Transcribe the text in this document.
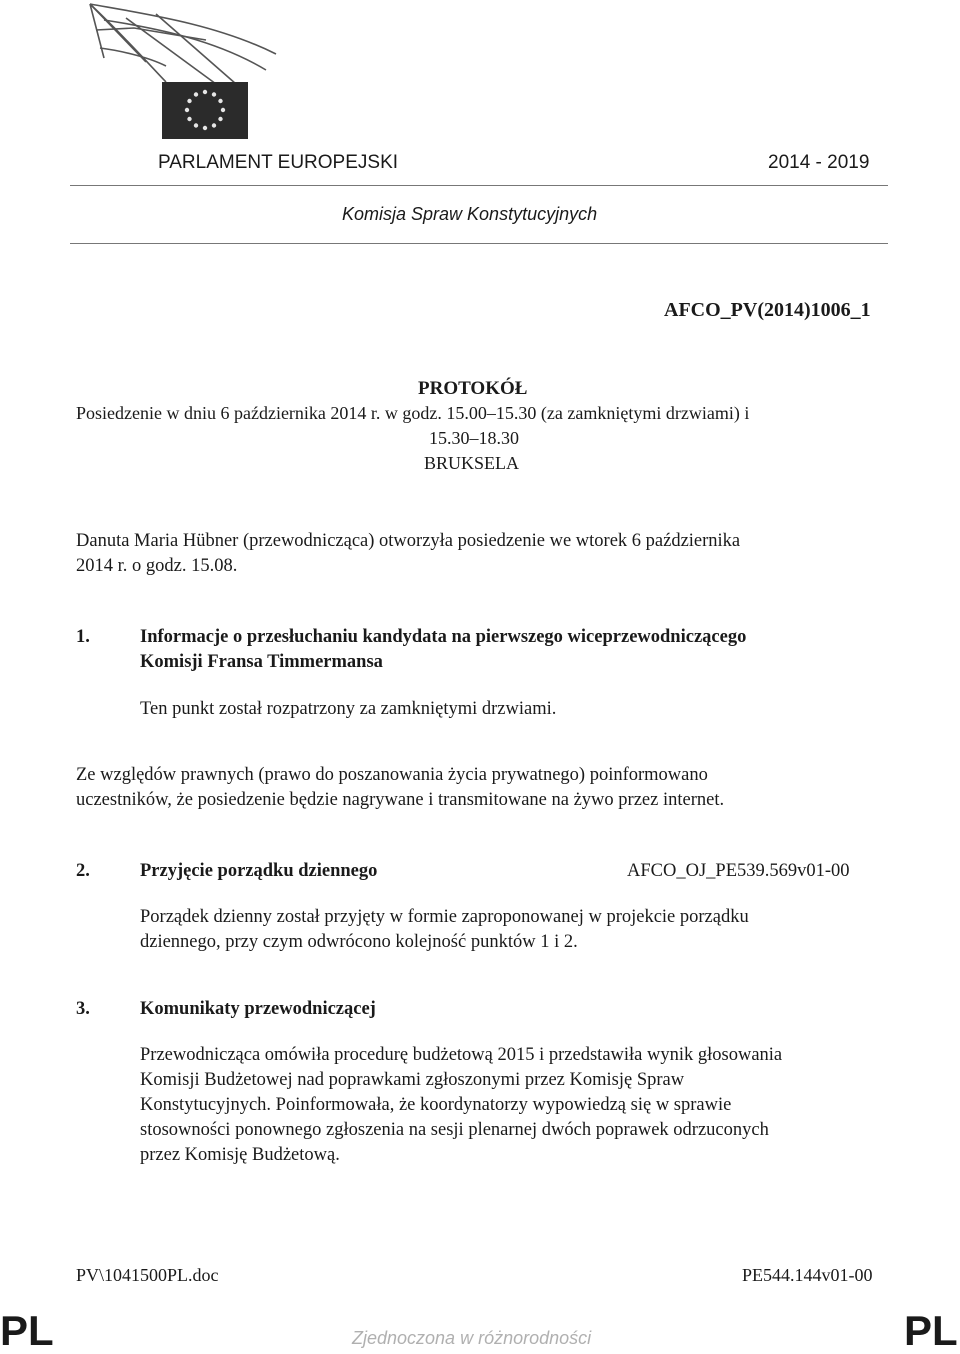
PARLAMENT EUROPEJSKI	2014 - 2019
Komisja Spraw Konstytucyjnych
AFCO_PV(2014)1006_1
PROTOKÓŁ
Posiedzenie w dniu 6 października 2014 r. w godz. 15.00–15.30 (za zamkniętymi drzwiami) i
15.30–18.30
BRUKSELA
Danuta Maria Hübner (przewodnicząca) otworzyła posiedzenie we wtorek 6 października
2014 r. o godz. 15.08.
1.	Informacje o przesłuchaniu kandydata na pierwszego wiceprzewodniczącego
Komisji Fransa Timmermansa
Ten punkt został rozpatrzony za zamkniętymi drzwiami.
Ze względów prawnych (prawo do poszanowania życia prywatnego) poinformowano
uczestników, że posiedzenie będzie nagrywane i transmitowane na żywo przez internet.
2.	Przyjęcie porządku dziennego	AFCO_OJ_PE539.569v01-00
Porządek dzienny został przyjęty w formie zaproponowanej w projekcie porządku
dziennego, przy czym odwrócono kolejność punktów 1 i 2.
3.	Komunikaty przewodniczącej
Przewodnicząca omówiła procedurę budżetową 2015 i przedstawiła wynik głosowania
Komisji Budżetowej nad poprawkami zgłoszonymi przez Komisję Spraw
Konstytucyjnych. Poinformowała, że koordynatorzy wypowiedzą się w sprawie
stosowności ponownego zgłoszenia na sesji plenarnej dwóch poprawek odrzuconych
przez Komisję Budżetową.
PV\1041500PL.doc	PE544.144v01-00
PL	PL
Zjednoczona w różnorodności
